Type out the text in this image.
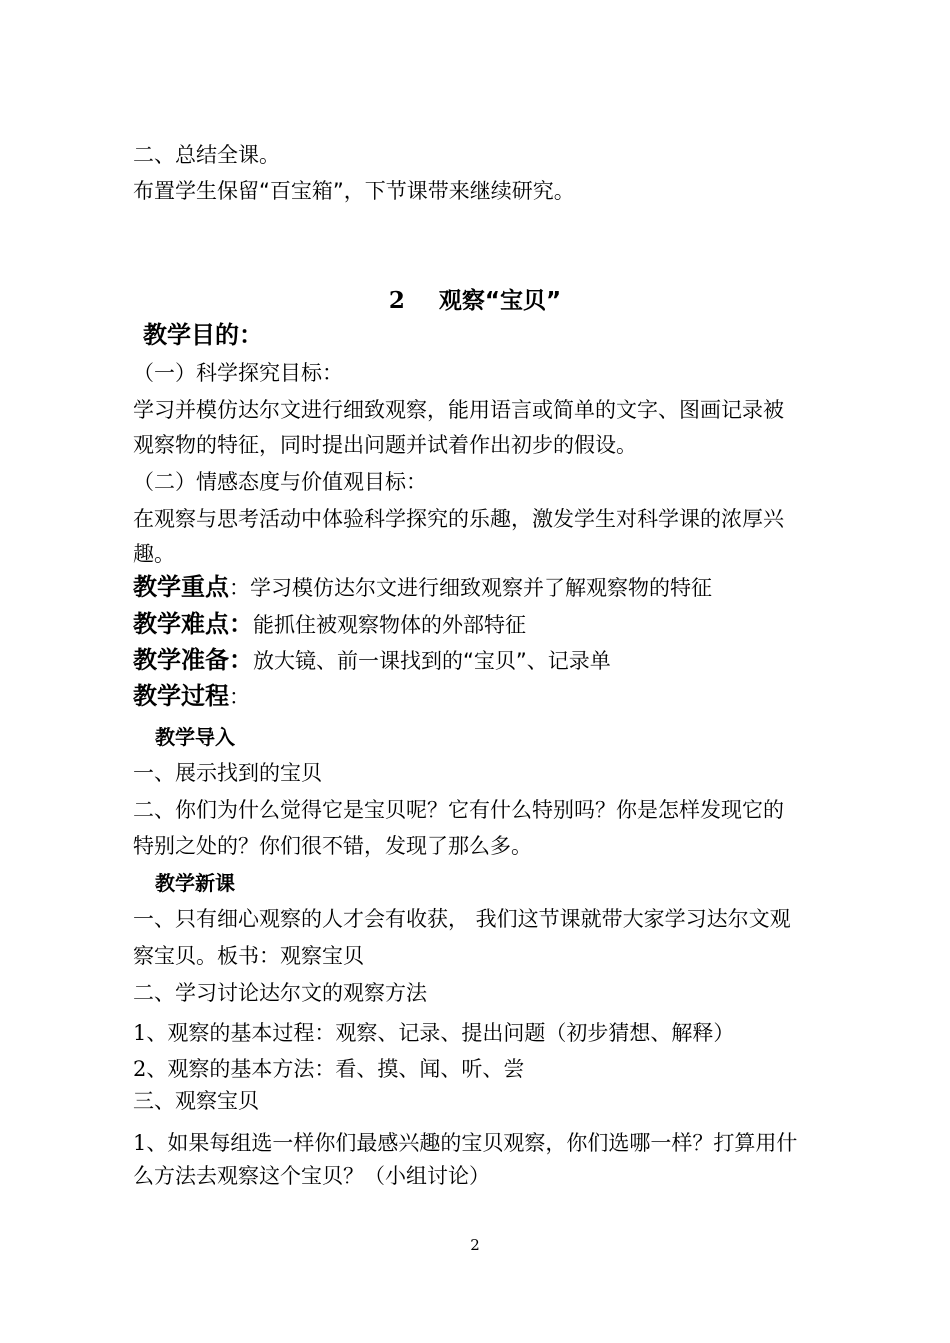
二、总结全课。
布置学生保留“百宝箱”，下节课带来继续研究。
2 观察“宝贝”
教学目的：
（一）科学探究目标：
学习并模仿达尔文进行细致观察，能用语言或简单的文字、图画记录被
观察物的特征，同时提出问题并试着作出初步的假设。
（二）情感态度与价值观目标：
在观察与思考活动中体验科学探究的乐趣，激发学生对科学课的浓厚兴
趣。
教学重点：学习模仿达尔文进行细致观察并了解观察物的特征
教学难点：能抓住被观察物体的外部特征
教学准备：放大镜、前一课找到的“宝贝”、记录单
教学过程：
教学导入
一、展示找到的宝贝
二、你们为什么觉得它是宝贝呢？它有什么特别吗？你是怎样发现它的
特别之处的？你们很不错，发现了那么多。
教学新课
一、只有细心观察的人才会有收获， 我们这节课就带大家学习达尔文观
察宝贝。板书：观察宝贝
二、学习讨论达尔文的观察方法
1、观察的基本过程：观察、记录、提出问题（初步猜想、解释）
2、观察的基本方法：看、摸、闻、听、尝
三、观察宝贝
1、如果每组选一样你们最感兴趣的宝贝观察，你们选哪一样？打算用什
么方法去观察这个宝贝？（小组讨论）
2
